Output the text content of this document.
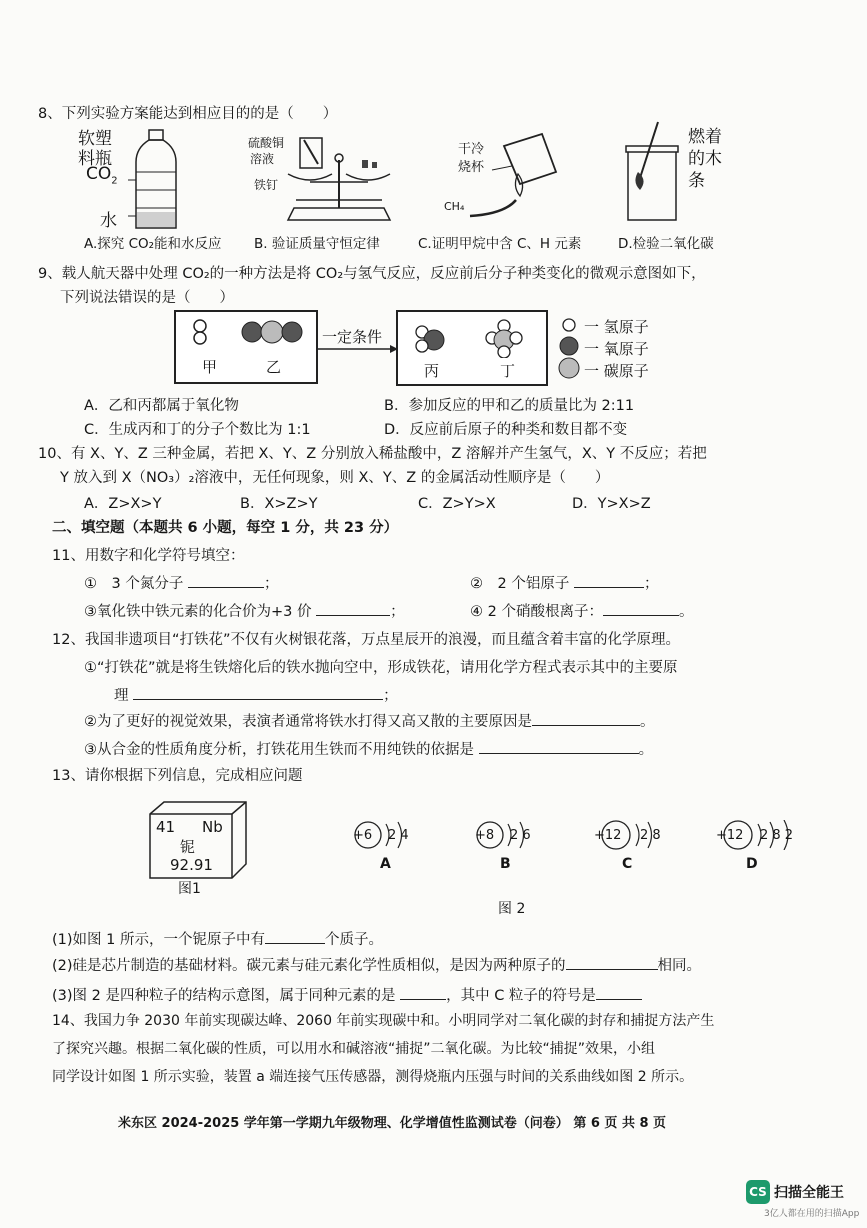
8、下列实验方案能达到相应目的的是（　　）
软塑
料瓶
$CO_2$
水
硫酸铜
溶液
铁钉
干冷
烧杯
CH₄
燃着
的木
条
A.探究 CO₂能和水反应 B. 验证质量守恒定律	C.证明甲烷中含 C、H 元素	D.检验二氧化碳
9、载人航天器中处理 CO₂的一种方法是将 CO₂与氢气反应，反应前后分子种类变化的微观示意图如下，
下列说法错误的是（　　）
甲	乙
一定条件
丙	丁
一 氢原子
一 氧原子
一 碳原子
A．乙和丙都属于氧化物	B．参加反应的甲和乙的质量比为 2:11
C．生成丙和丁的分子个数比为 1:1	D．反应前后原子的种类和数目都不变
10、有 X、Y、Z 三种金属，若把 X、Y、Z 分别放入稀盐酸中，Z 溶解并产生氢气，X、Y 不反应；若把
Y 放入到 X（NO₃）₂溶液中，无任何现象，则 X、Y、Z 的金属活动性顺序是（　　）
A．Z>X>Y	B．X>Z>Y	C．Z>Y>X	D．Y>X>Z
二、填空题（本题共 6 小题，每空 1 分，共 23 分）
11、用数字和化学符号填空：
①　3 个氮分子	；	②　2 个铝原子	；
③氧化铁中铁元素的化合价为+3 价	；	④ 2 个硝酸根离子：	。
12、我国非遗项目“打铁花”不仅有火树银花落，万点星辰开的浪漫，而且蕴含着丰富的化学原理。
①“打铁花”就是将生铁熔化后的铁水抛向空中，形成铁花，请用化学方程式表示其中的主要原
理	；
②为了更好的视觉效果，表演者通常将铁水打得又高又散的主要原因是	。
③从合金的性质角度分析，打铁花用生铁而不用纯铁的依据是	。
13、请你根据下列信息，完成相应问题
41 Nb
铌
92.91
图1
+6 2 4
A
+8 2 6
B
+12 2 8
C
+12 2 8 2
D
图 2
(1)如图 1 所示，一个铌原子中有	个质子。
(2)硅是芯片制造的基础材料。碳元素与硅元素化学性质相似，是因为两种原子的	相同。
(3)图 2 是四种粒子的结构示意图，属于同种元素的是	，其中 C 粒子的符号是
14、我国力争 2030 年前实现碳达峰、2060 年前实现碳中和。小明同学对二氧化碳的封存和捕捉方法产生
了探究兴趣。根据二氧化碳的性质，可以用水和碱溶液“捕捉”二氧化碳。为比较“捕捉”效果，小组
同学设计如图 1 所示实验，装置 a 端连接气压传感器，测得烧瓶内压强与时间的关系曲线如图 2 所示。
米东区 2024-2025 学年第一学期九年级物理、化学增值性监测试卷（问卷） 第 6 页 共 8 页
CS 扫描全能王
3亿人都在用的扫描App
